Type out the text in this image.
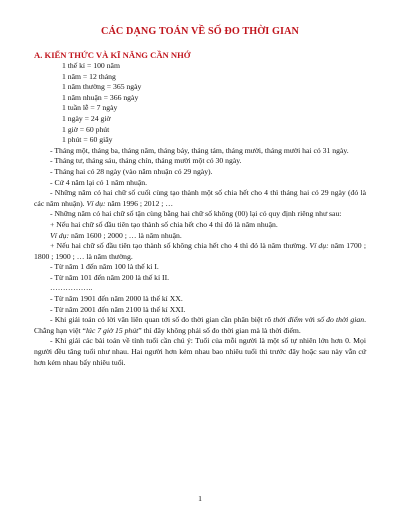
CÁC DẠNG TOÁN VỀ SỐ ĐO THỜI GIAN
A. KIẾN THỨC VÀ KĨ NĂNG CẦN NHỚ
1 thế kỉ = 100 năm
1 năm = 12 tháng
1 năm thường = 365 ngày
1 năm nhuận = 366 ngày
1 tuần lễ = 7 ngày
1 ngày = 24 giờ
1 giờ = 60 phút
1 phút = 60 giây

- Tháng một, tháng ba, tháng năm, tháng bảy, tháng tám, tháng mười, tháng mười hai có 31 ngày.

- Tháng tư, tháng sáu, tháng chín, tháng mười một có 30 ngày.

- Tháng hai có 28 ngày (vào năm nhuận có 29 ngày).

- Cứ 4 năm lại có 1 năm nhuận.

- Những năm có hai chữ số cuối cùng tạo thành một số chia hết cho 4 thì tháng hai có 29 ngày (đó là các năm nhuận). Ví dụ: năm 1996 ; 2012 ; …

- Những năm có hai chữ số tận cùng bằng hai chữ số không (00) lại có quy định riêng như sau:

+ Nếu hai chữ số đầu tiên tạo thành số chia hết cho 4 thì đó là năm nhuận.

Ví dụ: năm 1600 ; 2000 ; … là năm nhuận.

+ Nếu hai chữ số đầu tiên tạo thành số không chia hết cho 4 thì đó là năm thường. Ví dụ: năm 1700 ; 1800 ; 1900 ; … là năm thường.

- Từ năm 1 đến năm 100 là thế kỉ I.

- Từ năm 101 đến năm 200 là thế kỉ II.

……………..

- Từ năm 1901 đến năm 2000 là thế kỉ XX.

- Từ năm 2001 đến năm 2100 là thế kỉ XXI.

- Khi giải toán có lời văn liên quan tới số đo thời gian cần phân biệt rõ thời điểm với số đo thời gian. Chẳng hạn việt “lúc 7 giờ 15 phút” thì đây không phải số đo thời gian mà là thời điểm.

- Khi giải các bài toán về tính tuổi cần chú ý: Tuổi của mỗi người là một số tự nhiên lớn hơn 0. Mọi người đều tăng tuổi như nhau. Hai người hơn kém nhau bao nhiêu tuổi thì trước đây hoặc sau này vẫn cứ hơn kém nhau bấy nhiêu tuổi.

1
